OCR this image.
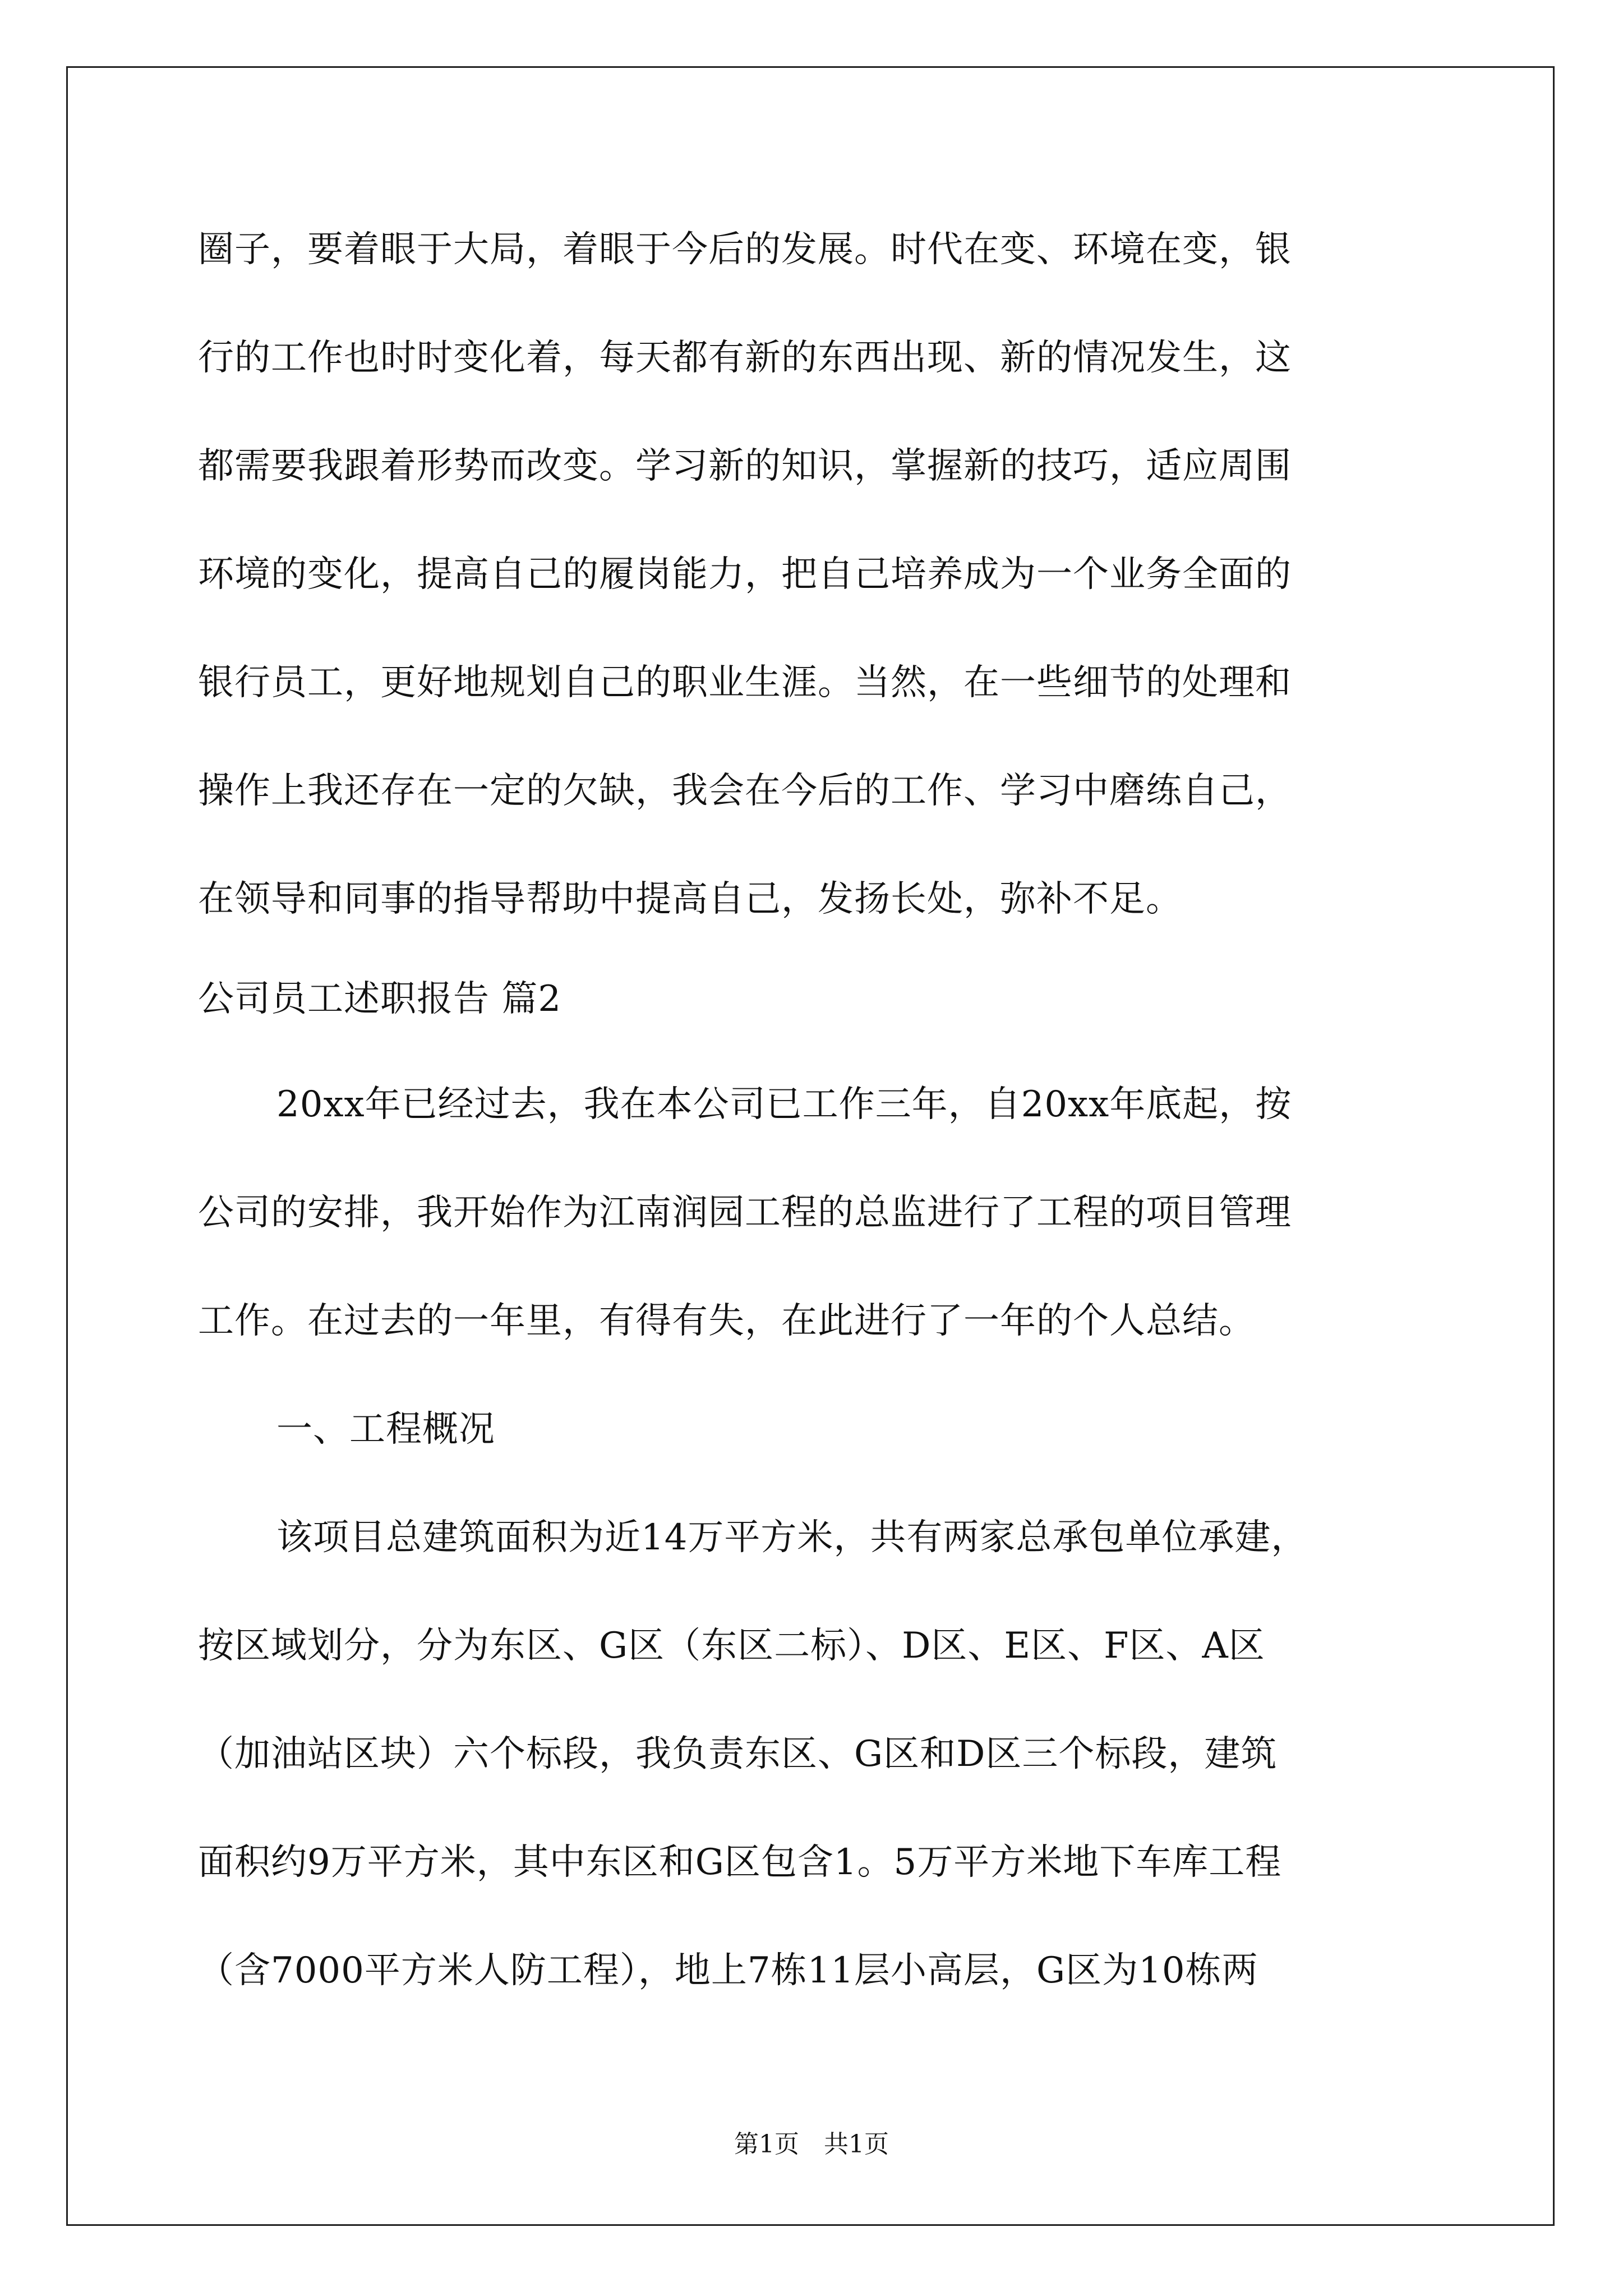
圈子，要着眼于大局，着眼于今后的发展。时代在变、环境在变，银
行的工作也时时变化着，每天都有新的东西出现、新的情况发生，这
都需要我跟着形势而改变。学习新的知识，掌握新的技巧，适应周围
环境的变化，提高自己的履岗能力，把自己培养成为一个业务全面的
银行员工，更好地规划自己的职业生涯。当然，在一些细节的处理和
操作上我还存在一定的欠缺，我会在今后的工作、学习中磨练自己，
在领导和同事的指导帮助中提高自己，发扬长处，弥补不足。
公司员工述职报告 篇2
20xx年已经过去，我在本公司已工作三年，自20xx年底起，按
公司的安排，我开始作为江南润园工程的总监进行了工程的项目管理
工作。在过去的一年里，有得有失，在此进行了一年的个人总结。
一、工程概况
该项目总建筑面积为近14万平方米，共有两家总承包单位承建，
按区域划分，分为东区、G区（东区二标）、D区、E区、F区、A区
（加油站区块）六个标段，我负责东区、G区和D区三个标段，建筑
面积约9万平方米，其中东区和G区包含1。5万平方米地下车库工程
（含7000平方米人防工程），地上7栋11层小高层，G区为10栋两
第1页　共1页
